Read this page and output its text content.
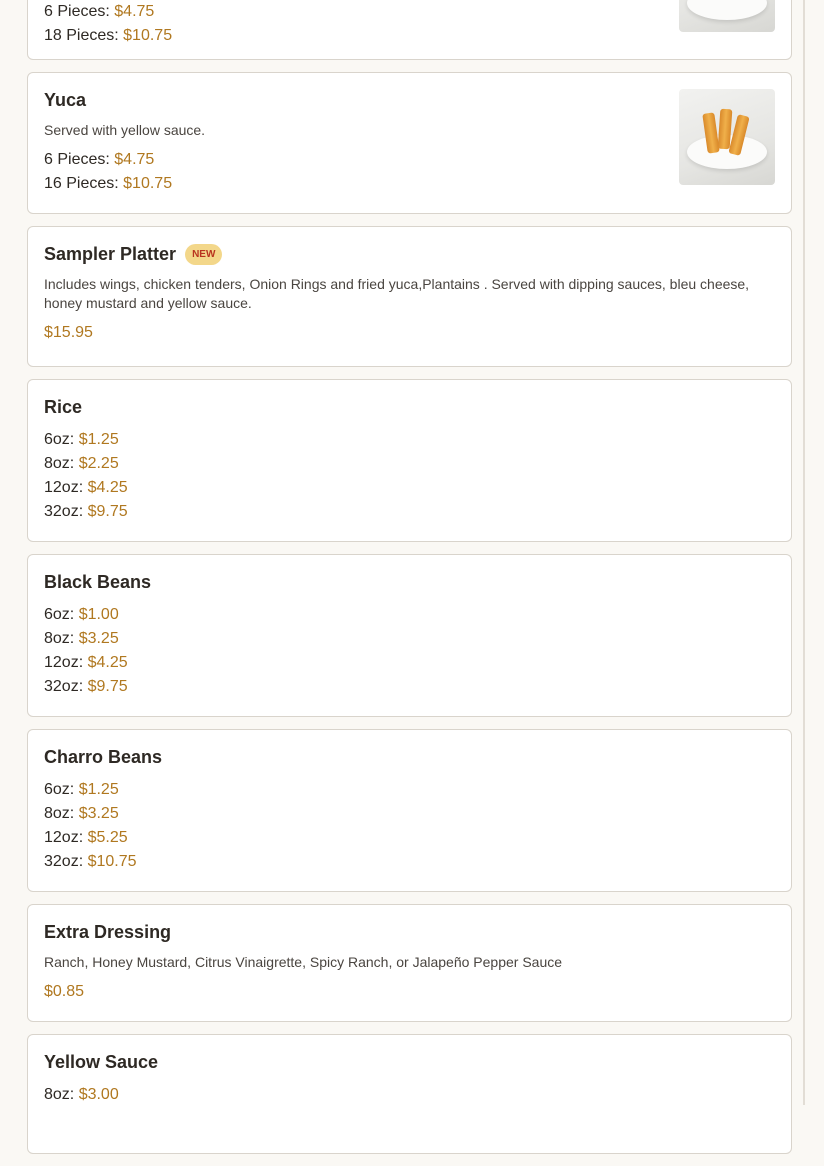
6 Pieces: $4.75
18 Pieces: $10.75
Yuca
Served with yellow sauce.
6 Pieces: $4.75
16 Pieces: $10.75
Sampler Platter	NEW
Includes wings, chicken tenders, Onion Rings and fried yuca,Plantains . Served with dipping sauces, bleu cheese, honey mustard and yellow sauce.
$15.95
Rice
6oz: $1.25
8oz: $2.25
12oz: $4.25
32oz: $9.75
Black Beans
6oz: $1.00
8oz: $3.25
12oz: $4.25
32oz: $9.75
Charro Beans
6oz: $1.25
8oz: $3.25
12oz: $5.25
32oz: $10.75
Extra Dressing
Ranch, Honey Mustard, Citrus Vinaigrette, Spicy Ranch, or Jalapeño Pepper Sauce
$0.85
Yellow Sauce
8oz: $3.00
